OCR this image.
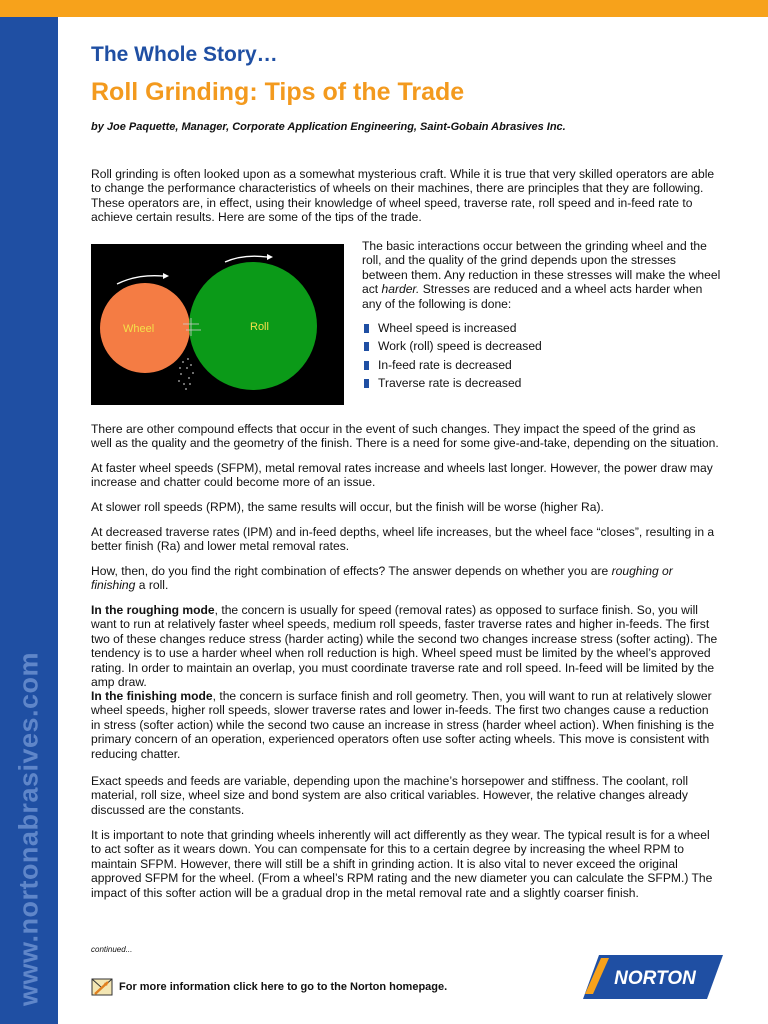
www.nortonabrasives.com
The Whole Story…
Roll Grinding: Tips of the Trade
by Joe Paquette, Manager, Corporate Application Engineering, Saint-Gobain Abrasives Inc.

Roll grinding is often looked upon as a somewhat mysterious craft. While it is true that very skilled operators are able to change the performance characteristics of wheels on their machines, there are principles that they are following. These operators are, in effect, using their knowledge of wheel speed, traverse rate, roll speed and in-feed rate to achieve certain results. Here are some of the tips of the trade.

Wheel	Roll

The basic interactions occur between the grinding wheel and the roll, and the quality of the grind depends upon the stresses between them. Any reduction in these stresses will make the wheel act harder. Stresses are reduced and a wheel acts harder when any of the following is done:

Wheel speed is increased
Work (roll) speed is decreased
In-feed rate is decreased
Traverse rate is decreased

There are other compound effects that occur in the event of such changes. They impact the speed of the grind as well as the quality and the geometry of the finish. There is a need for some give-and-take, depending on the situation.

At faster wheel speeds (SFPM), metal removal rates increase and wheels last longer. However, the power draw may increase and chatter could become more of an issue.

At slower roll speeds (RPM), the same results will occur, but the finish will be worse (higher Ra).

At decreased traverse rates (IPM) and in-feed depths, wheel life increases, but the wheel face “closes”, resulting in a better finish (Ra) and lower metal removal rates.

How, then, do you find the right combination of effects? The answer depends on whether you are roughing or finishing a roll.

In the roughing mode, the concern is usually for speed (removal rates) as opposed to surface finish. So, you will want to run at relatively faster wheel speeds, medium roll speeds, faster traverse rates and higher in-feeds. The first two of these changes reduce stress (harder acting) while the second two changes increase stress (softer acting). The tendency is to use a harder wheel when roll reduction is high. Wheel speed must be limited by the wheel’s approved rating. In order to maintain an overlap, you must coordinate traverse rate and roll speed. In-feed will be limited by the amp draw.

In the finishing mode, the concern is surface finish and roll geometry. Then, you will want to run at relatively slower wheel speeds, higher roll speeds, slower traverse rates and lower in-feeds. The first two changes cause a reduction in stress (softer action) while the second two cause an increase in stress (harder wheel action). When finishing is the primary concern of an operation, experienced operators often use softer acting wheels. This move is consistent with reducing chatter.

Exact speeds and feeds are variable, depending upon the machine’s horsepower and stiffness. The coolant, roll material, roll size, wheel size and bond system are also critical variables. However, the relative changes already discussed are the constants.

It is important to note that grinding wheels inherently will act differently as they wear. The typical result is for a wheel to act softer as it wears down. You can compensate for this to a certain degree by increasing the wheel RPM to maintain SFPM. However, there will still be a shift in grinding action. It is also vital to never exceed the original approved SFPM for the wheel. (From a wheel’s RPM rating and the new diameter you can calculate the SFPM.) The impact of this softer action will be a gradual drop in the metal removal rate and a slightly coarser finish.

continued...
For more information click here to go to the Norton homepage.	NORTON
